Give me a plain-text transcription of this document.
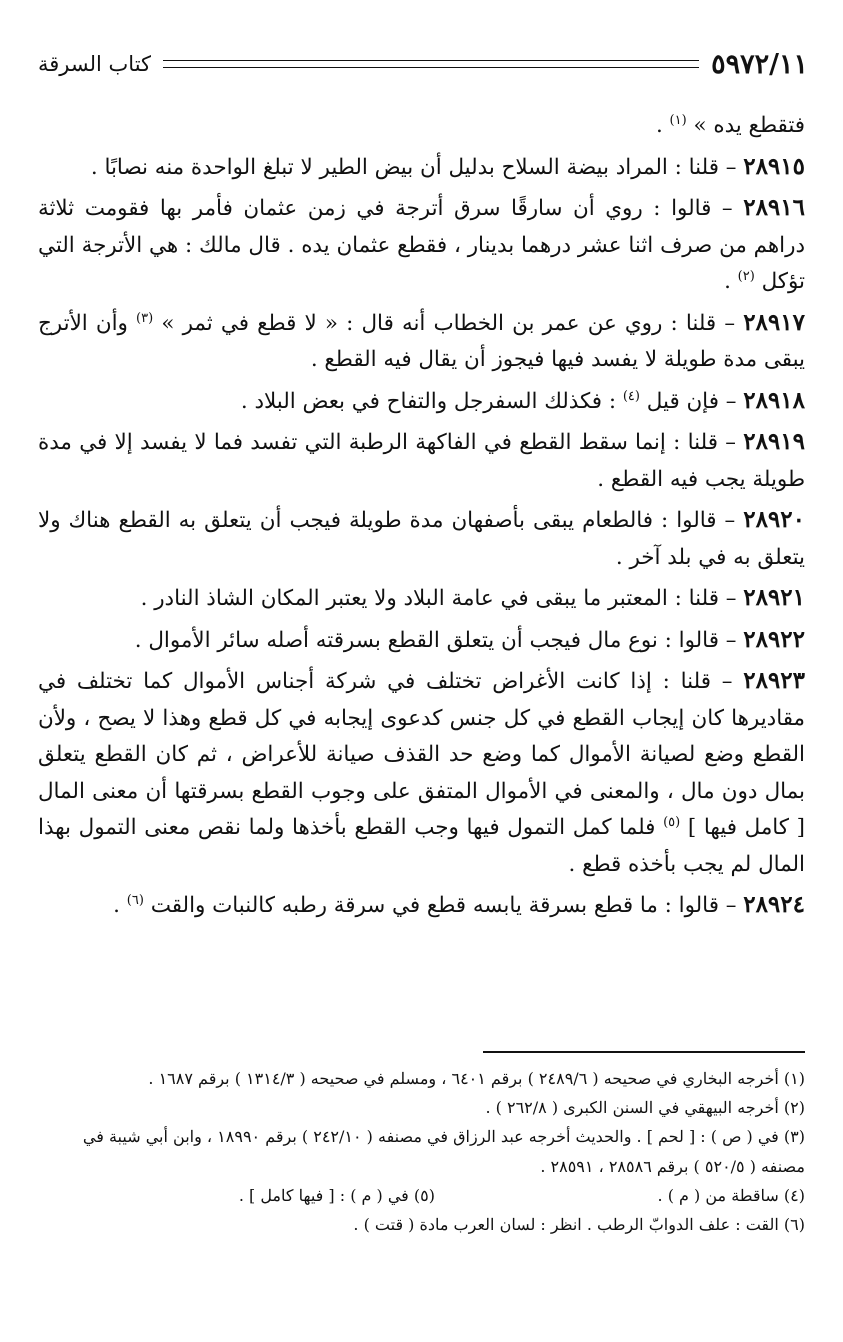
٥٩٧٢/١١
كتاب السرقة

فتقطع يده » $^{(١)}$ .

٢٨٩١٥ – قلنا : المراد بيضة السلاح بدليل أن بيض الطير لا تبلغ الواحدة منه نصابًا .

٢٨٩١٦ – قالوا : روي أن سارقًا سرق أترجة في زمن عثمان فأمر بها فقومت ثلاثة دراهم من صرف اثنا عشر درهما بدينار ، فقطع عثمان يده . قال مالك : هي الأترجة التي تؤكل $^{(٢)}$ .

٢٨٩١٧ – قلنا : روي عن عمر بن الخطاب أنه قال : « لا قطع في ثمر » $^{(٣)}$ وأن الأترج يبقى مدة طويلة لا يفسد فيها فيجوز أن يقال فيه القطع .

٢٨٩١٨ – فإن قيل $^{(٤)}$ : فكذلك السفرجل والتفاح في بعض البلاد .

٢٨٩١٩ – قلنا : إنما سقط القطع في الفاكهة الرطبة التي تفسد فما لا يفسد إلا في مدة طويلة يجب فيه القطع .

٢٨٩٢٠ – قالوا : فالطعام يبقى بأصفهان مدة طويلة فيجب أن يتعلق به القطع هناك ولا يتعلق به في بلد آخر .

٢٨٩٢١ – قلنا : المعتبر ما يبقى في عامة البلاد ولا يعتبر المكان الشاذ النادر .

٢٨٩٢٢ – قالوا : نوع مال فيجب أن يتعلق القطع بسرقته أصله سائر الأموال .

٢٨٩٢٣ – قلنا : إذا كانت الأغراض تختلف في شركة أجناس الأموال كما تختلف في مقاديرها كان إيجاب القطع في كل جنس كدعوى إيجابه في كل قطع وهذا لا يصح ، ولأن القطع وضع لصيانة الأموال كما وضع حد القذف صيانة للأعراض ، ثم كان القطع يتعلق بمال دون مال ، والمعنى في الأموال المتفق على وجوب القطع بسرقتها أن معنى المال [ كامل فيها ] $^{(٥)}$ فلما كمل التمول فيها وجب القطع بأخذها ولما نقص معنى التمول بهذا المال لم يجب بأخذه قطع .

٢٨٩٢٤ – قالوا : ما قطع بسرقة يابسه قطع في سرقة رطبه كالنبات والقت $^{(٦)}$ .

(١) أخرجه البخاري في صحيحه ( ٢٤٨٩/٦ ) برقم ٦٤٠١ ، ومسلم في صحيحه ( ١٣١٤/٣ ) برقم ١٦٨٧ .

(٢) أخرجه البيهقي في السنن الكبرى ( ٢٦٢/٨ ) .

(٣) في ( ص ) : [ لحم ] . والحديث أخرجه عبد الرزاق في مصنفه ( ٢٤٢/١٠ ) برقم ١٨٩٩٠ ، وابن أبي شيبة في مصنفه ( ٥٢٠/٥ ) برقم ٢٨٥٨٦ ، ٢٨٥٩١ .

(٤) ساقطة من ( م ) .
(٥) في ( م ) : [ فيها كامل ] .

(٦) القت : علف الدوابّ الرطب . انظر : لسان العرب مادة ( قتت ) .
